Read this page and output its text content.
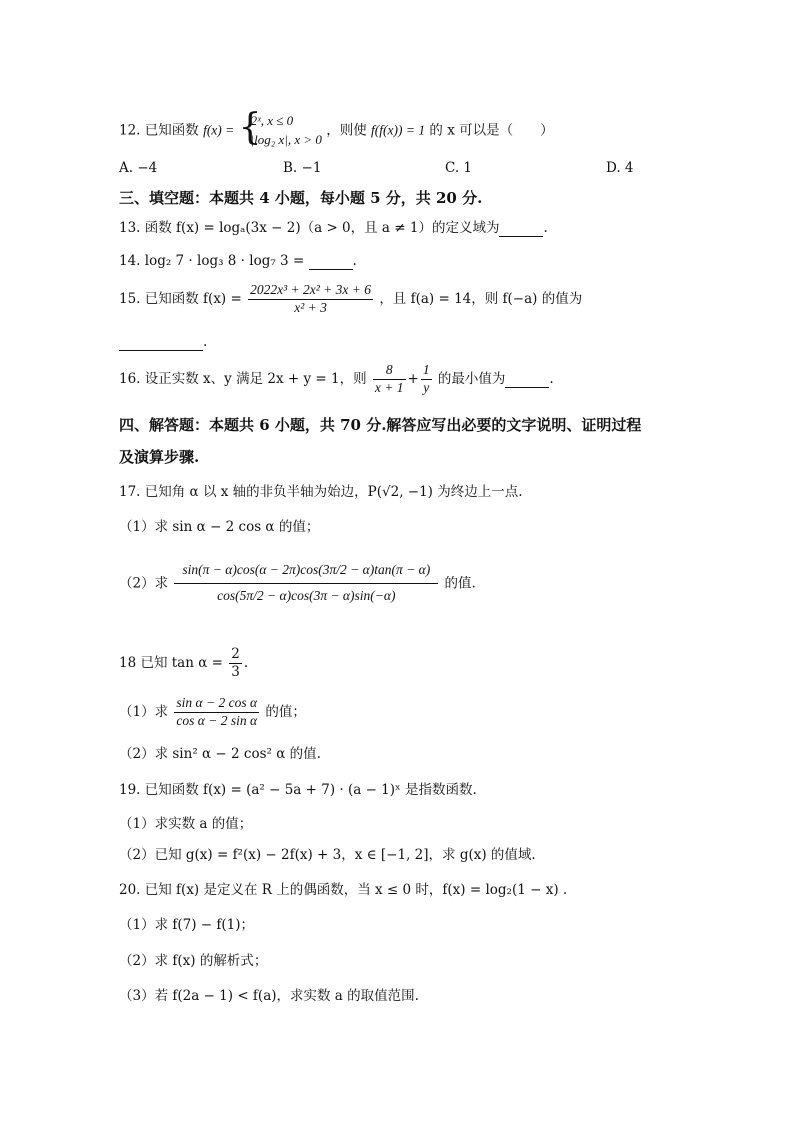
12. 已知函数 f(x) = {
2ˣ, x ≤ 0
|log₂ x|, x > 0
，则使 f(f(x)) = 1 的 x 可以是（　　）
A. −4	B. −1	C. 1	D. 4
三、填空题：本题共 4 小题，每小题 5 分，共 20 分.
13. 函数 f(x) = logₐ(3x − 2)（a > 0，且 a ≠ 1）的定义域为	.
14. log₂ 7 · log₃ 8 · log₇ 3 =	.
15. 已知函数 $f(x) = \frac{\text{2022x³ + 2x² + 3x + 6}}{\text{x² + 3}}$ ，且 f(a) = 14，则 f(−a) 的值为
.
16. 设正实数 x、y 满足 2x + y = 1，则 $\frac{8}{x + 1} + \frac{1}{y}$ 的最小值为	.
四、解答题：本题共 6 小题，共 70 分.解答应写出必要的文字说明、证明过程
及演算步骤.
17. 已知角 α 以 x 轴的非负半轴为始边，P(√2, −1) 为终边上一点.
（1）求 sin α − 2 cos α 的值；
（2）求 $\frac{\sin(\pi - \alpha)\cos(\alpha - 2\pi)\cos(3\pi/2 - \alpha)\tan(\pi - \alpha)}{\cos(5\pi/2 - \alpha)\cos(3\pi - \alpha)\sin(-\alpha)}$ 的值.
18 已知 $\tan \alpha = \frac{2}{3}$ .
（1）求 $\frac{\text{sin α − 2 cos α}}{\text{cos α − 2 sin α}}$ 的值；
（2）求 sin² α − 2 cos² α 的值.
19. 已知函数 f(x) = (a² − 5a + 7) · (a − 1)ˣ 是指数函数.
（1）求实数 a 的值；
（2）已知 g(x) = f²(x) − 2f(x) + 3，x ∈ [−1, 2]，求 g(x) 的值域.
20. 已知 f(x) 是定义在 R 上的偶函数，当 x ≤ 0 时，f(x) = log₂(1 − x) .
（1）求 f(7) − f(1)；
（2）求 f(x) 的解析式；
（3）若 f(2a − 1) < f(a)，求实数 a 的取值范围.
